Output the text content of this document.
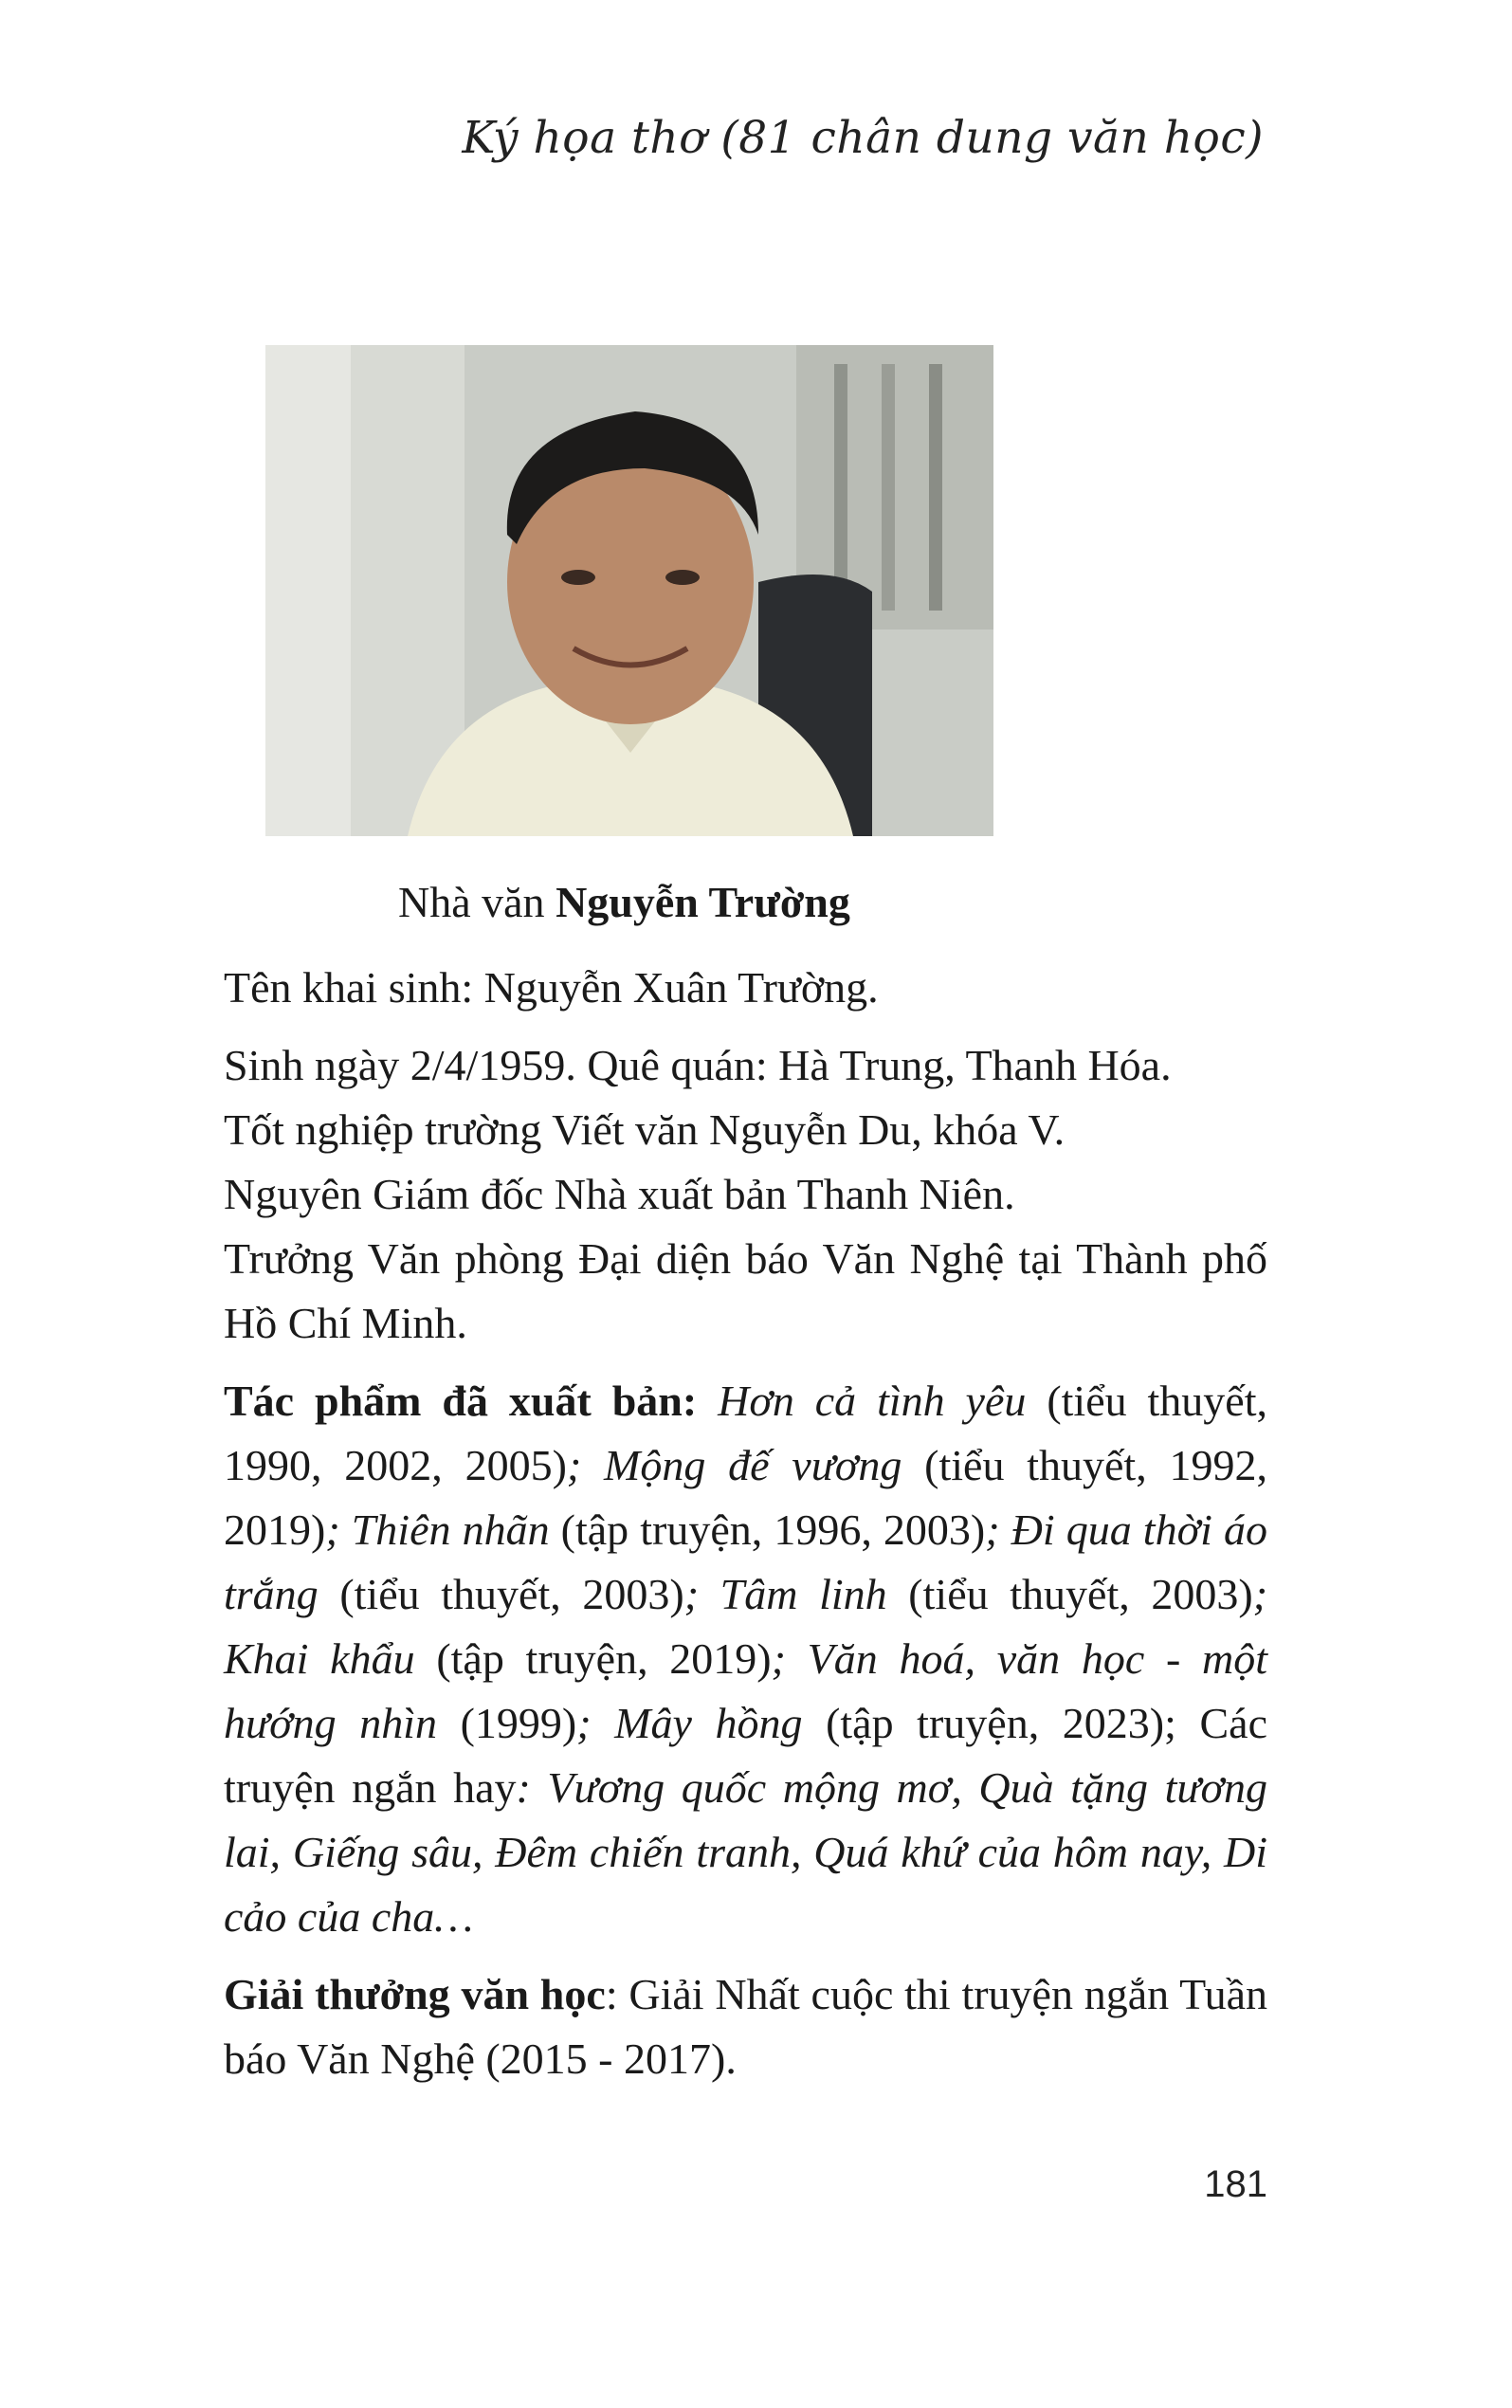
Ký họa thơ (81 chân dung văn học)
Nhà văn Nguyễn Trường

Tên khai sinh: Nguyễn Xuân Trường.

Sinh ngày 2/4/1959. Quê quán: Hà Trung, Thanh Hóa.

Tốt nghiệp trường Viết văn Nguyễn Du, khóa V.

Nguyên Giám đốc Nhà xuất bản Thanh Niên.

Trưởng Văn phòng Đại diện báo Văn Nghệ tại Thành phố Hồ Chí Minh.

Tác phẩm đã xuất bản: Hơn cả tình yêu (tiểu thuyết, 1990, 2002, 2005); Mộng đế vương (tiểu thuyết, 1992, 2019); Thiên nhãn (tập truyện, 1996, 2003); Đi qua thời áo trắng (tiểu thuyết, 2003); Tâm linh (tiểu thuyết, 2003); Khai khẩu (tập truyện, 2019); Văn hoá, văn học - một hướng nhìn (1999); Mây hồng (tập truyện, 2023); Các truyện ngắn hay: Vương quốc mộng mơ, Quà tặng tương lai, Giếng sâu, Đêm chiến tranh, Quá khứ của hôm nay, Di cảo của cha…

Giải thưởng văn học: Giải Nhất cuộc thi truyện ngắn Tuần báo Văn Nghệ (2015 - 2017).

181
